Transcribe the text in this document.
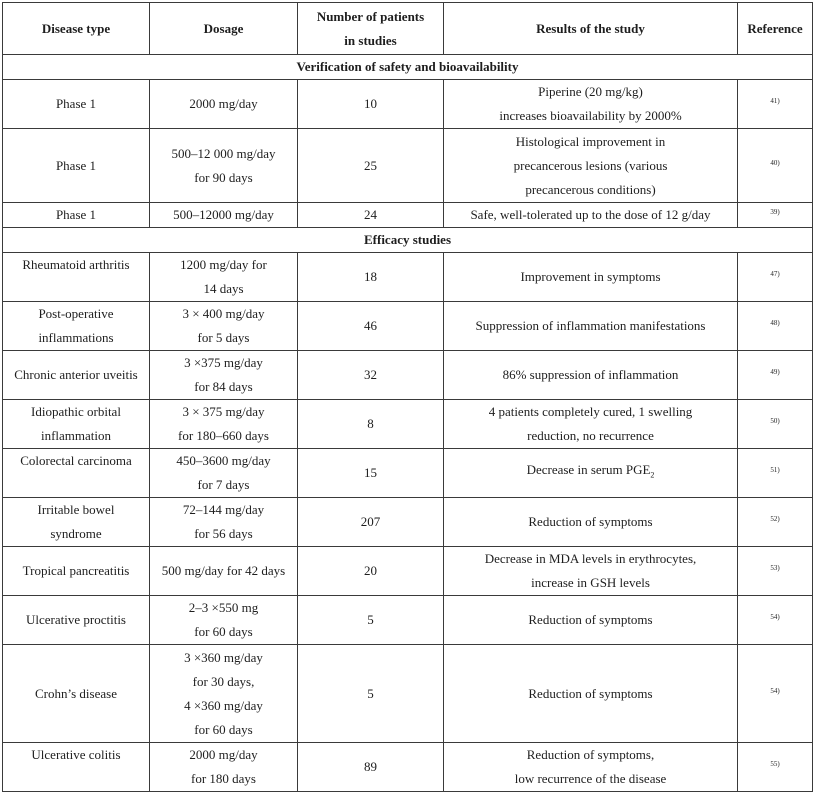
Disease type	Dosage	Number of patients
in studies	Results of the study	Reference
Verification of safety and bioavailability				

Phase 1	2000 mg/day	10	Piperine (20 mg/kg)
increases bioavailability by 2000%	41)

Phase 1	500–12 000 mg/day
for 90 days	25	Histological improvement in
precancerous lesions (various
precancerous conditions)	40)

Phase 1	500–12000 mg/day	24	Safe, well-tolerated up to the dose of 12 g/day	39)
Efficacy studies				

Rheumatoid arthritis	1200 mg/day for
14 days	18	Improvement in symptoms	47)

Post-operative
inflammations	3 × 400 mg/day
for 5 days	46	Suppression of inflammation manifestations	48)

Chronic anterior uveitis	3 ×375 mg/day
for 84 days	32	86% suppression of inflammation	49)

Idiopathic orbital
inflammation	3 × 375 mg/day
for 180–660 days	8	4 patients completely cured, 1 swelling
reduction, no recurrence	50)

Colorectal carcinoma	450–3600 mg/day
for 7 days	15	Decrease in serum $PGE_2$	51)

Irritable bowel
syndrome	72–144 mg/day
for 56 days	207	Reduction of symptoms	52)

Tropical pancreatitis	500 mg/day for 42 days	20	Decrease in MDA levels in erythrocytes,
increase in GSH levels	53)

Ulcerative proctitis	2–3 ×550 mg
for 60 days	5	Reduction of symptoms	54)

Crohn’s disease	3 ×360 mg/day
for 30 days,
4 ×360 mg/day
for 60 days	5	Reduction of symptoms	54)

Ulcerative colitis	2000 mg/day
for 180 days	89	Reduction of symptoms,
low recurrence of the disease	55)
